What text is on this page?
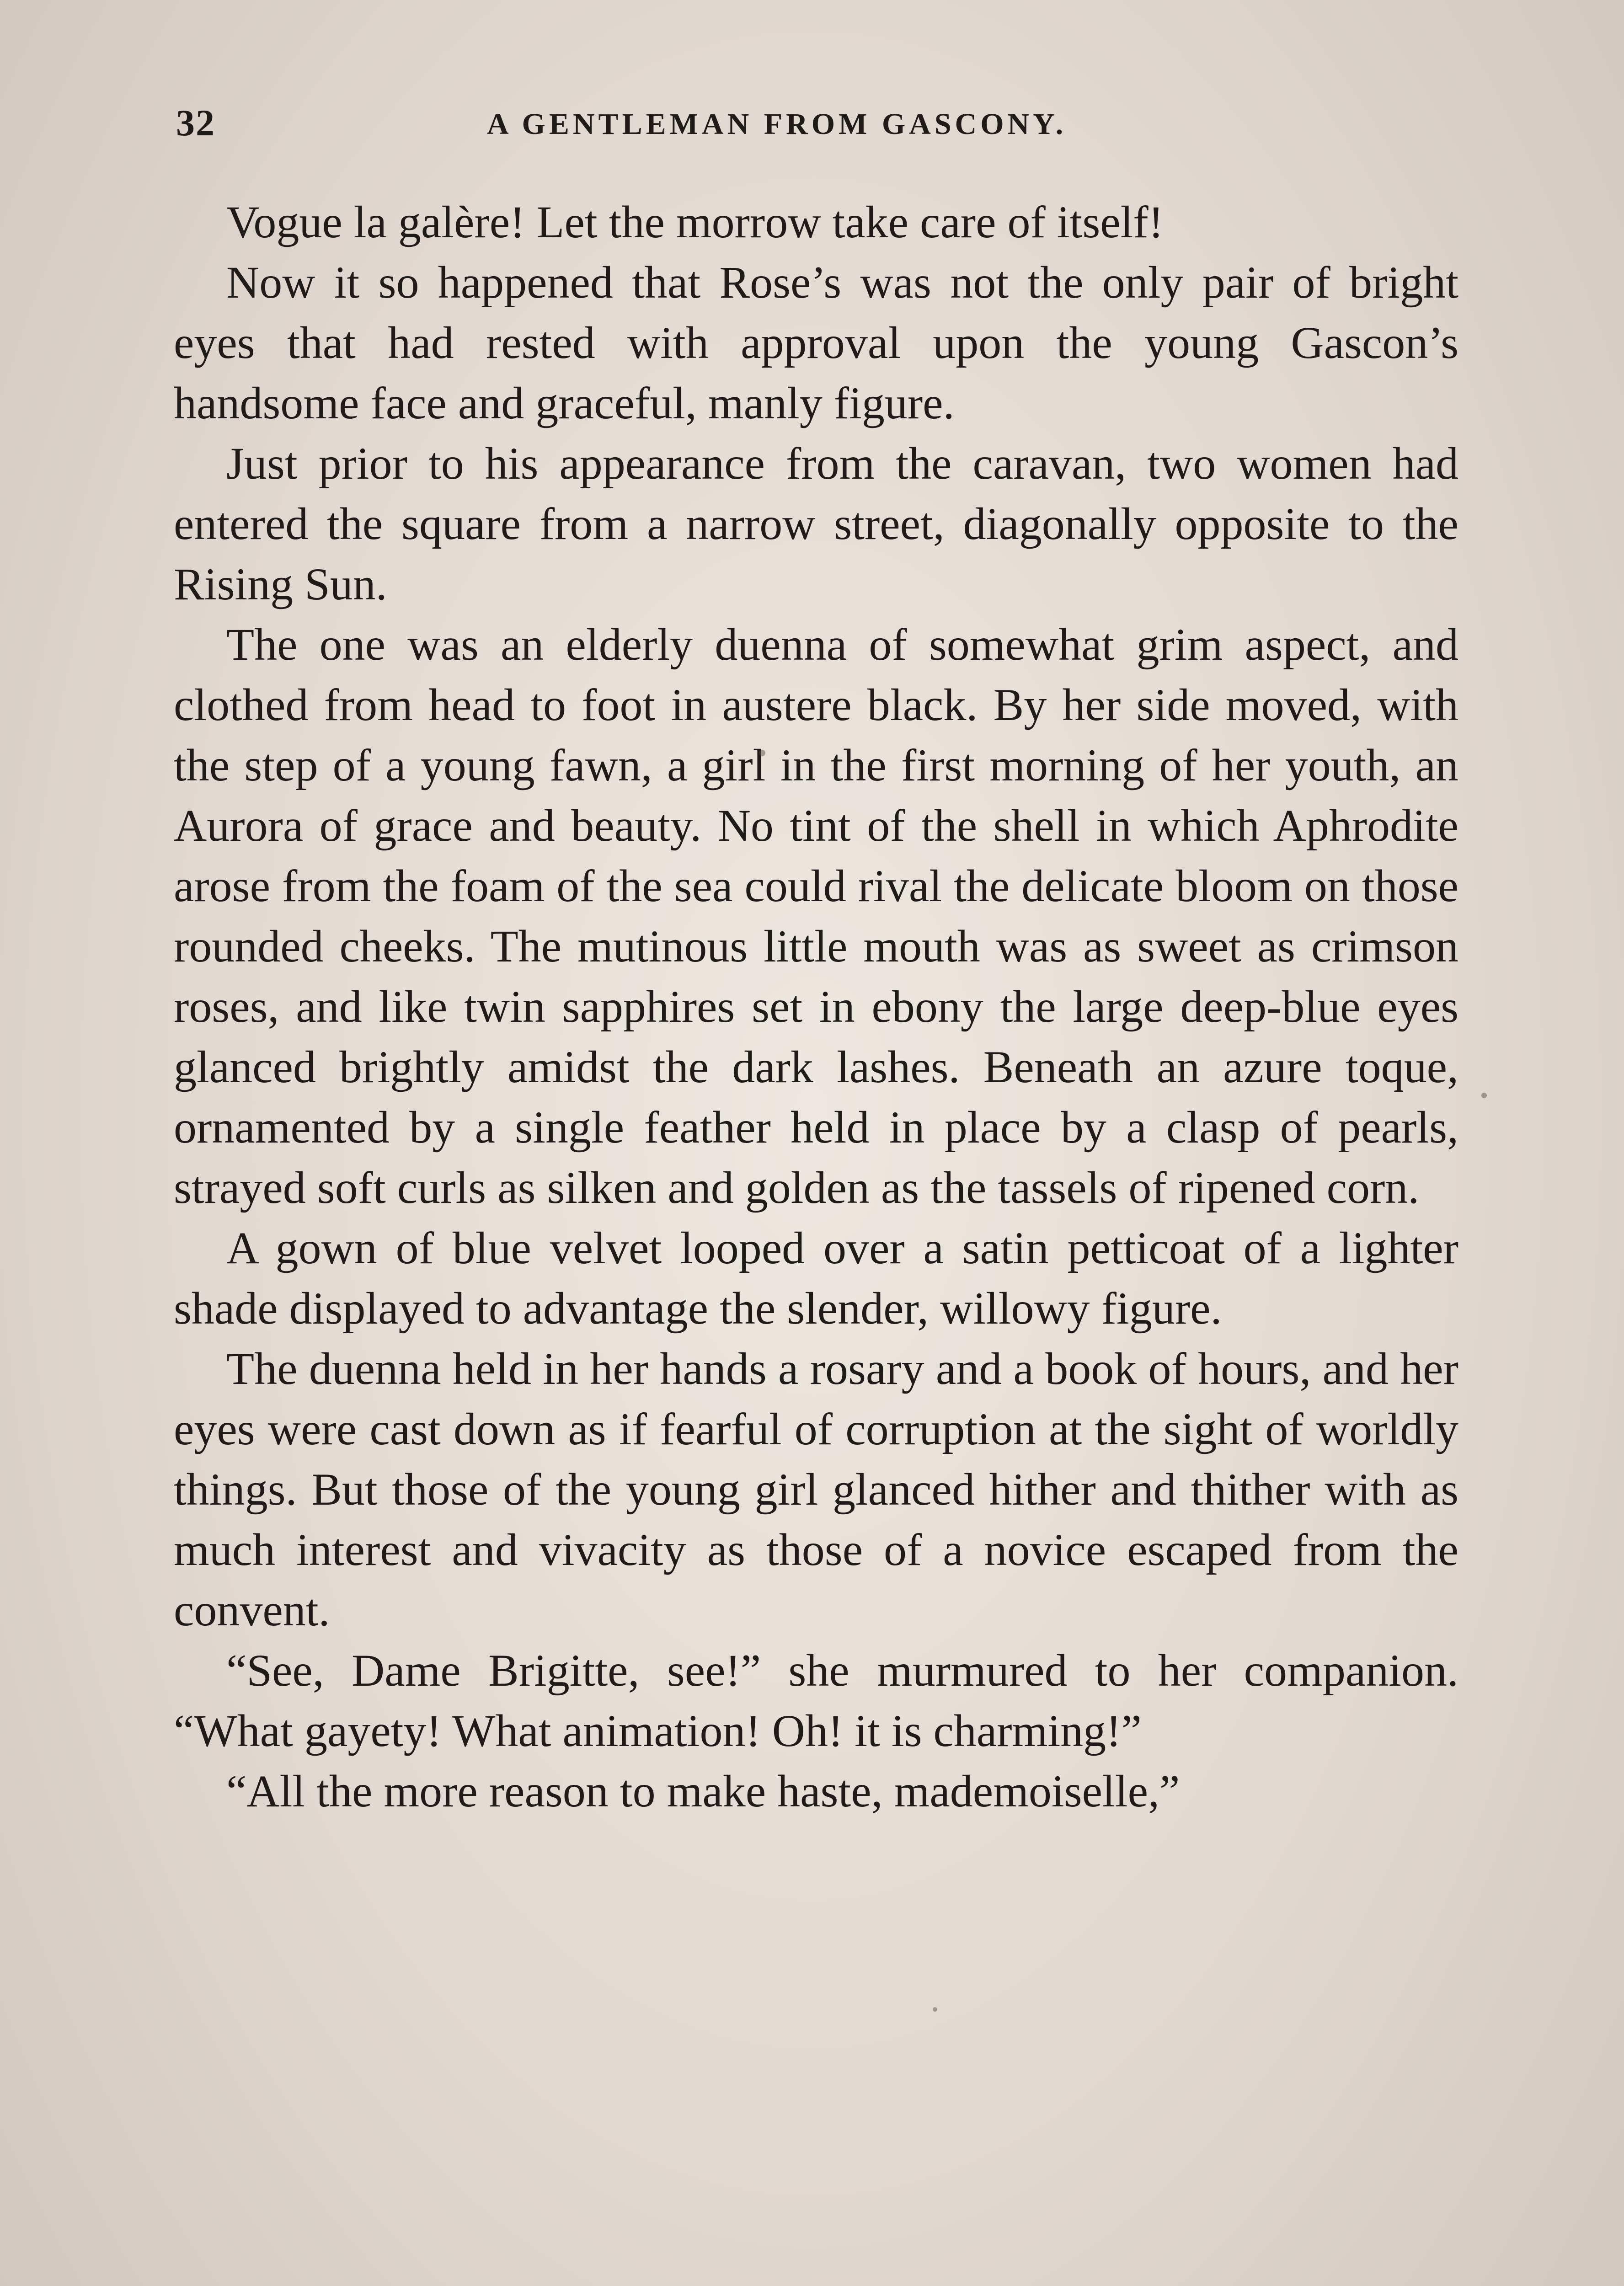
32	A GENTLEMAN FROM GASCONY.

Vogue la galère! Let the morrow take care of itself!

Now it so happened that Rose’s was not the only pair of bright eyes that had rested with approval upon the young Gascon’s handsome face and graceful, manly figure.

Just prior to his appearance from the caravan, two women had entered the square from a narrow street, diagonally opposite to the Rising Sun.

The one was an elderly duenna of somewhat grim aspect, and clothed from head to foot in austere black. By her side moved, with the step of a young fawn, a girl in the first morning of her youth, an Aurora of grace and beauty. No tint of the shell in which Aphrodite arose from the foam of the sea could rival the delicate bloom on those rounded cheeks. The mutinous little mouth was as sweet as crimson roses, and like twin sapphires set in ebony the large deep-blue eyes glanced brightly amidst the dark lashes. Beneath an azure toque, ornamented by a single feather held in place by a clasp of pearls, strayed soft curls as silken and golden as the tassels of ripened corn.

A gown of blue velvet looped over a satin petticoat of a lighter shade displayed to advantage the slender, willowy figure.

The duenna held in her hands a rosary and a book of hours, and her eyes were cast down as if fearful of corruption at the sight of worldly things. But those of the young girl glanced hither and thither with as much interest and vivacity as those of a novice escaped from the convent.

“See, Dame Brigitte, see!” she murmured to her companion. “What gayety! What animation! Oh! it is charming!”

“All the more reason to make haste, mademoiselle,”
